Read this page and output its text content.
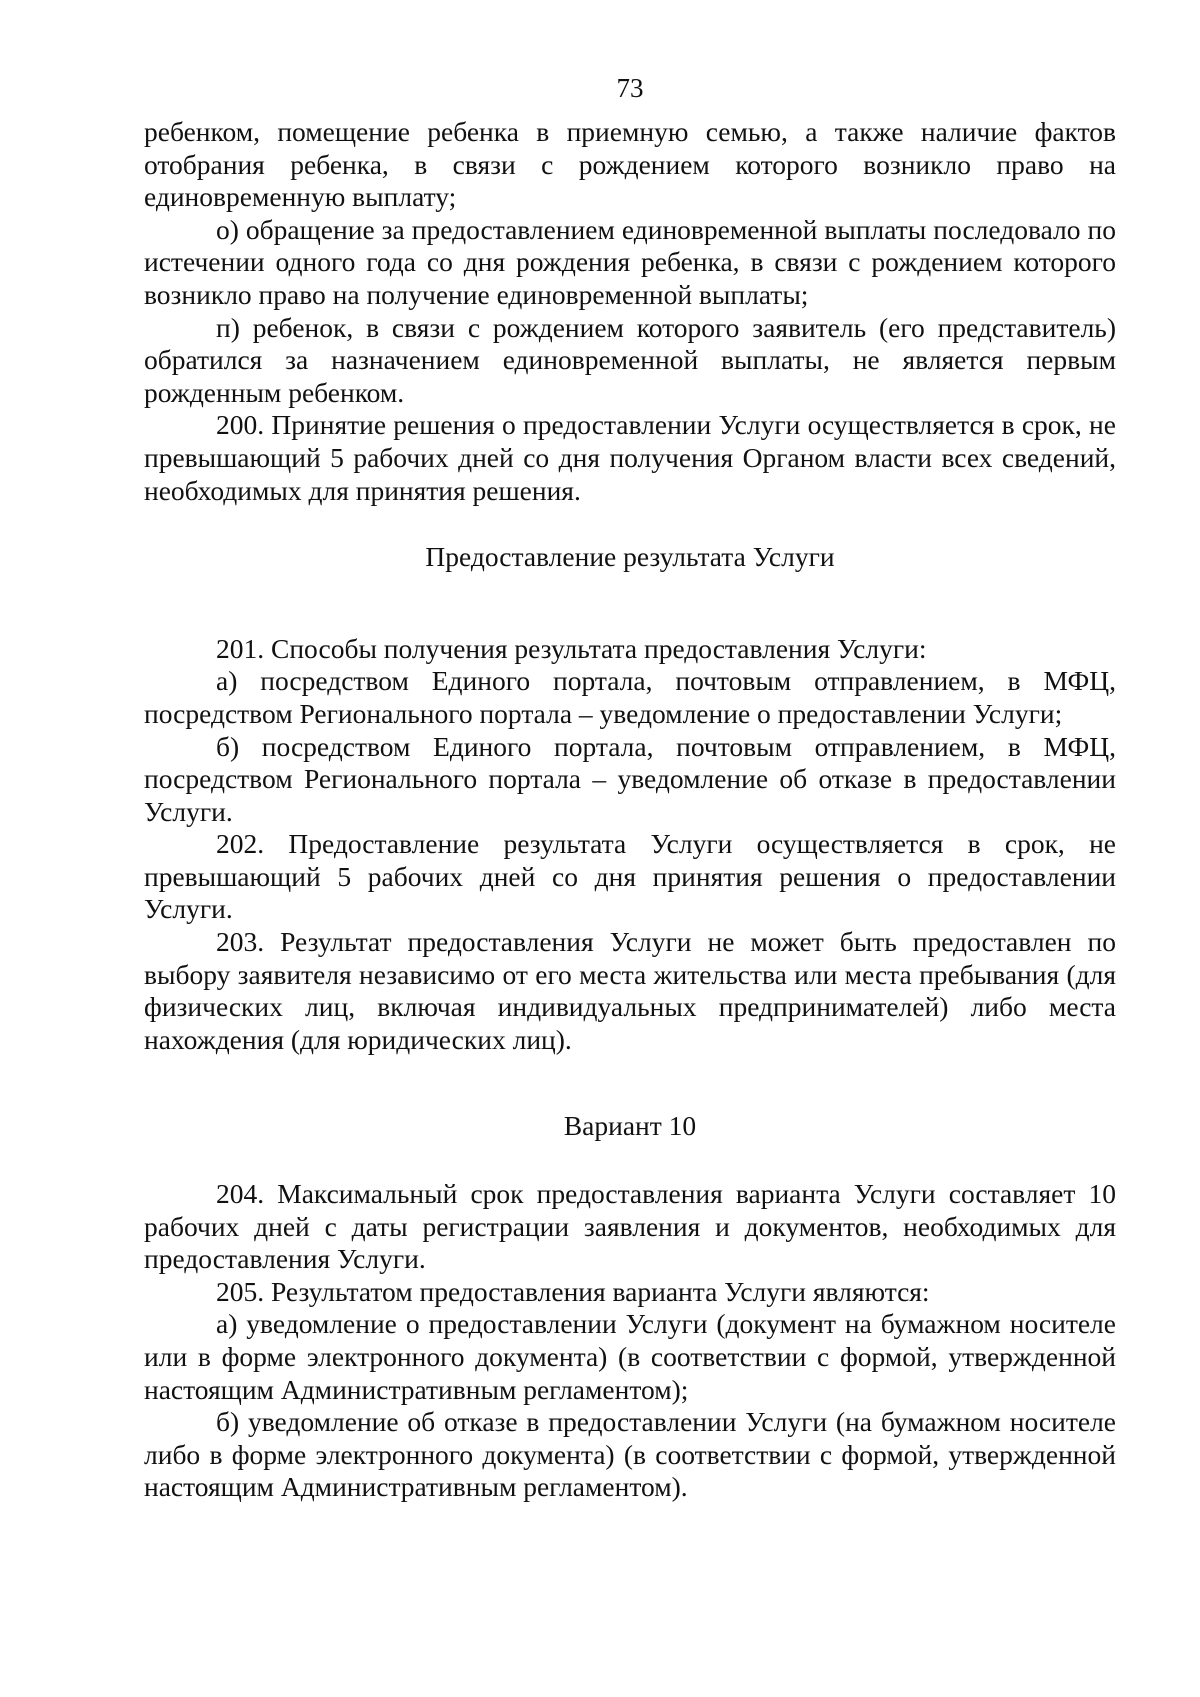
73

ребенком, помещение ребенка в приемную семью, а также наличие фактов отобрания ребенка, в связи с рождением которого возникло право на единовременную выплату;

о) обращение за предоставлением единовременной выплаты последовало по истечении одного года со дня рождения ребенка, в связи с рождением которого возникло право на получение единовременной выплаты;

п) ребенок, в связи с рождением которого заявитель (его представитель) обратился за назначением единовременной выплаты, не является первым рожденным ребенком.

200. Принятие решения о предоставлении Услуги осуществляется в срок, не превышающий 5 рабочих дней со дня получения Органом власти всех сведений, необходимых для принятия решения.

Предоставление результата Услуги

201. Способы получения результата предоставления Услуги:

а) посредством Единого портала, почтовым отправлением, в МФЦ, посредством Регионального портала – уведомление о предоставлении Услуги;

б) посредством Единого портала, почтовым отправлением, в МФЦ, посредством Регионального портала – уведомление об отказе в предоставлении Услуги.

202. Предоставление результата Услуги осуществляется в срок, не превышающий 5 рабочих дней со дня принятия решения о предоставлении Услуги.

203. Результат предоставления Услуги не может быть предоставлен по выбору заявителя независимо от его места жительства или места пребывания (для физических лиц, включая индивидуальных предпринимателей) либо места нахождения (для юридических лиц).

Вариант 10

204. Максимальный срок предоставления варианта Услуги составляет 10 рабочих дней с даты регистрации заявления и документов, необходимых для предоставления Услуги.

205. Результатом предоставления варианта Услуги являются:

а) уведомление о предоставлении Услуги (документ на бумажном носителе или в форме электронного документа) (в соответствии с формой, утвержденной настоящим Административным регламентом);

б) уведомление об отказе в предоставлении Услуги (на бумажном носителе либо в форме электронного документа) (в соответствии с формой, утвержденной настоящим Административным регламентом).
